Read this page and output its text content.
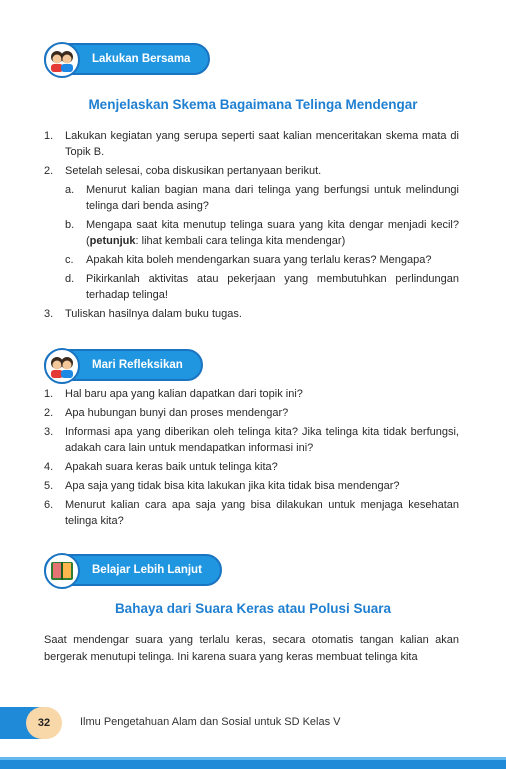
Lakukan Bersama
Menjelaskan Skema Bagaimana Telinga Mendengar
1. Lakukan kegiatan yang serupa seperti saat kalian menceritakan skema mata di Topik B.
2. Setelah selesai, coba diskusikan pertanyaan berikut.
a. Menurut kalian bagian mana dari telinga yang berfungsi untuk melindungi telinga dari benda asing?
b. Mengapa saat kita menutup telinga suara yang kita dengar menjadi kecil? (petunjuk: lihat kembali cara telinga kita mendengar)
c. Apakah kita boleh mendengarkan suara yang terlalu keras? Mengapa?
d. Pikirkanlah aktivitas atau pekerjaan yang membutuhkan perlindungan terhadap telinga!
3. Tuliskan hasilnya dalam buku tugas.
Mari Refleksikan
1. Hal baru apa yang kalian dapatkan dari topik ini?
2. Apa hubungan bunyi dan proses mendengar?
3. Informasi apa yang diberikan oleh telinga kita? Jika telinga kita tidak berfungsi, adakah cara lain untuk mendapatkan informasi ini?
4. Apakah suara keras baik untuk telinga kita?
5. Apa saja yang tidak bisa kita lakukan jika kita tidak bisa mendengar?
6. Menurut kalian cara apa saja yang bisa dilakukan untuk menjaga kesehatan telinga kita?
Belajar Lebih Lanjut
Bahaya dari Suara Keras atau Polusi Suara
Saat mendengar suara yang terlalu keras, secara otomatis tangan kalian akan bergerak menutupi telinga. Ini karena suara yang keras membuat telinga kita
32	Ilmu Pengetahuan Alam dan Sosial untuk SD Kelas V
